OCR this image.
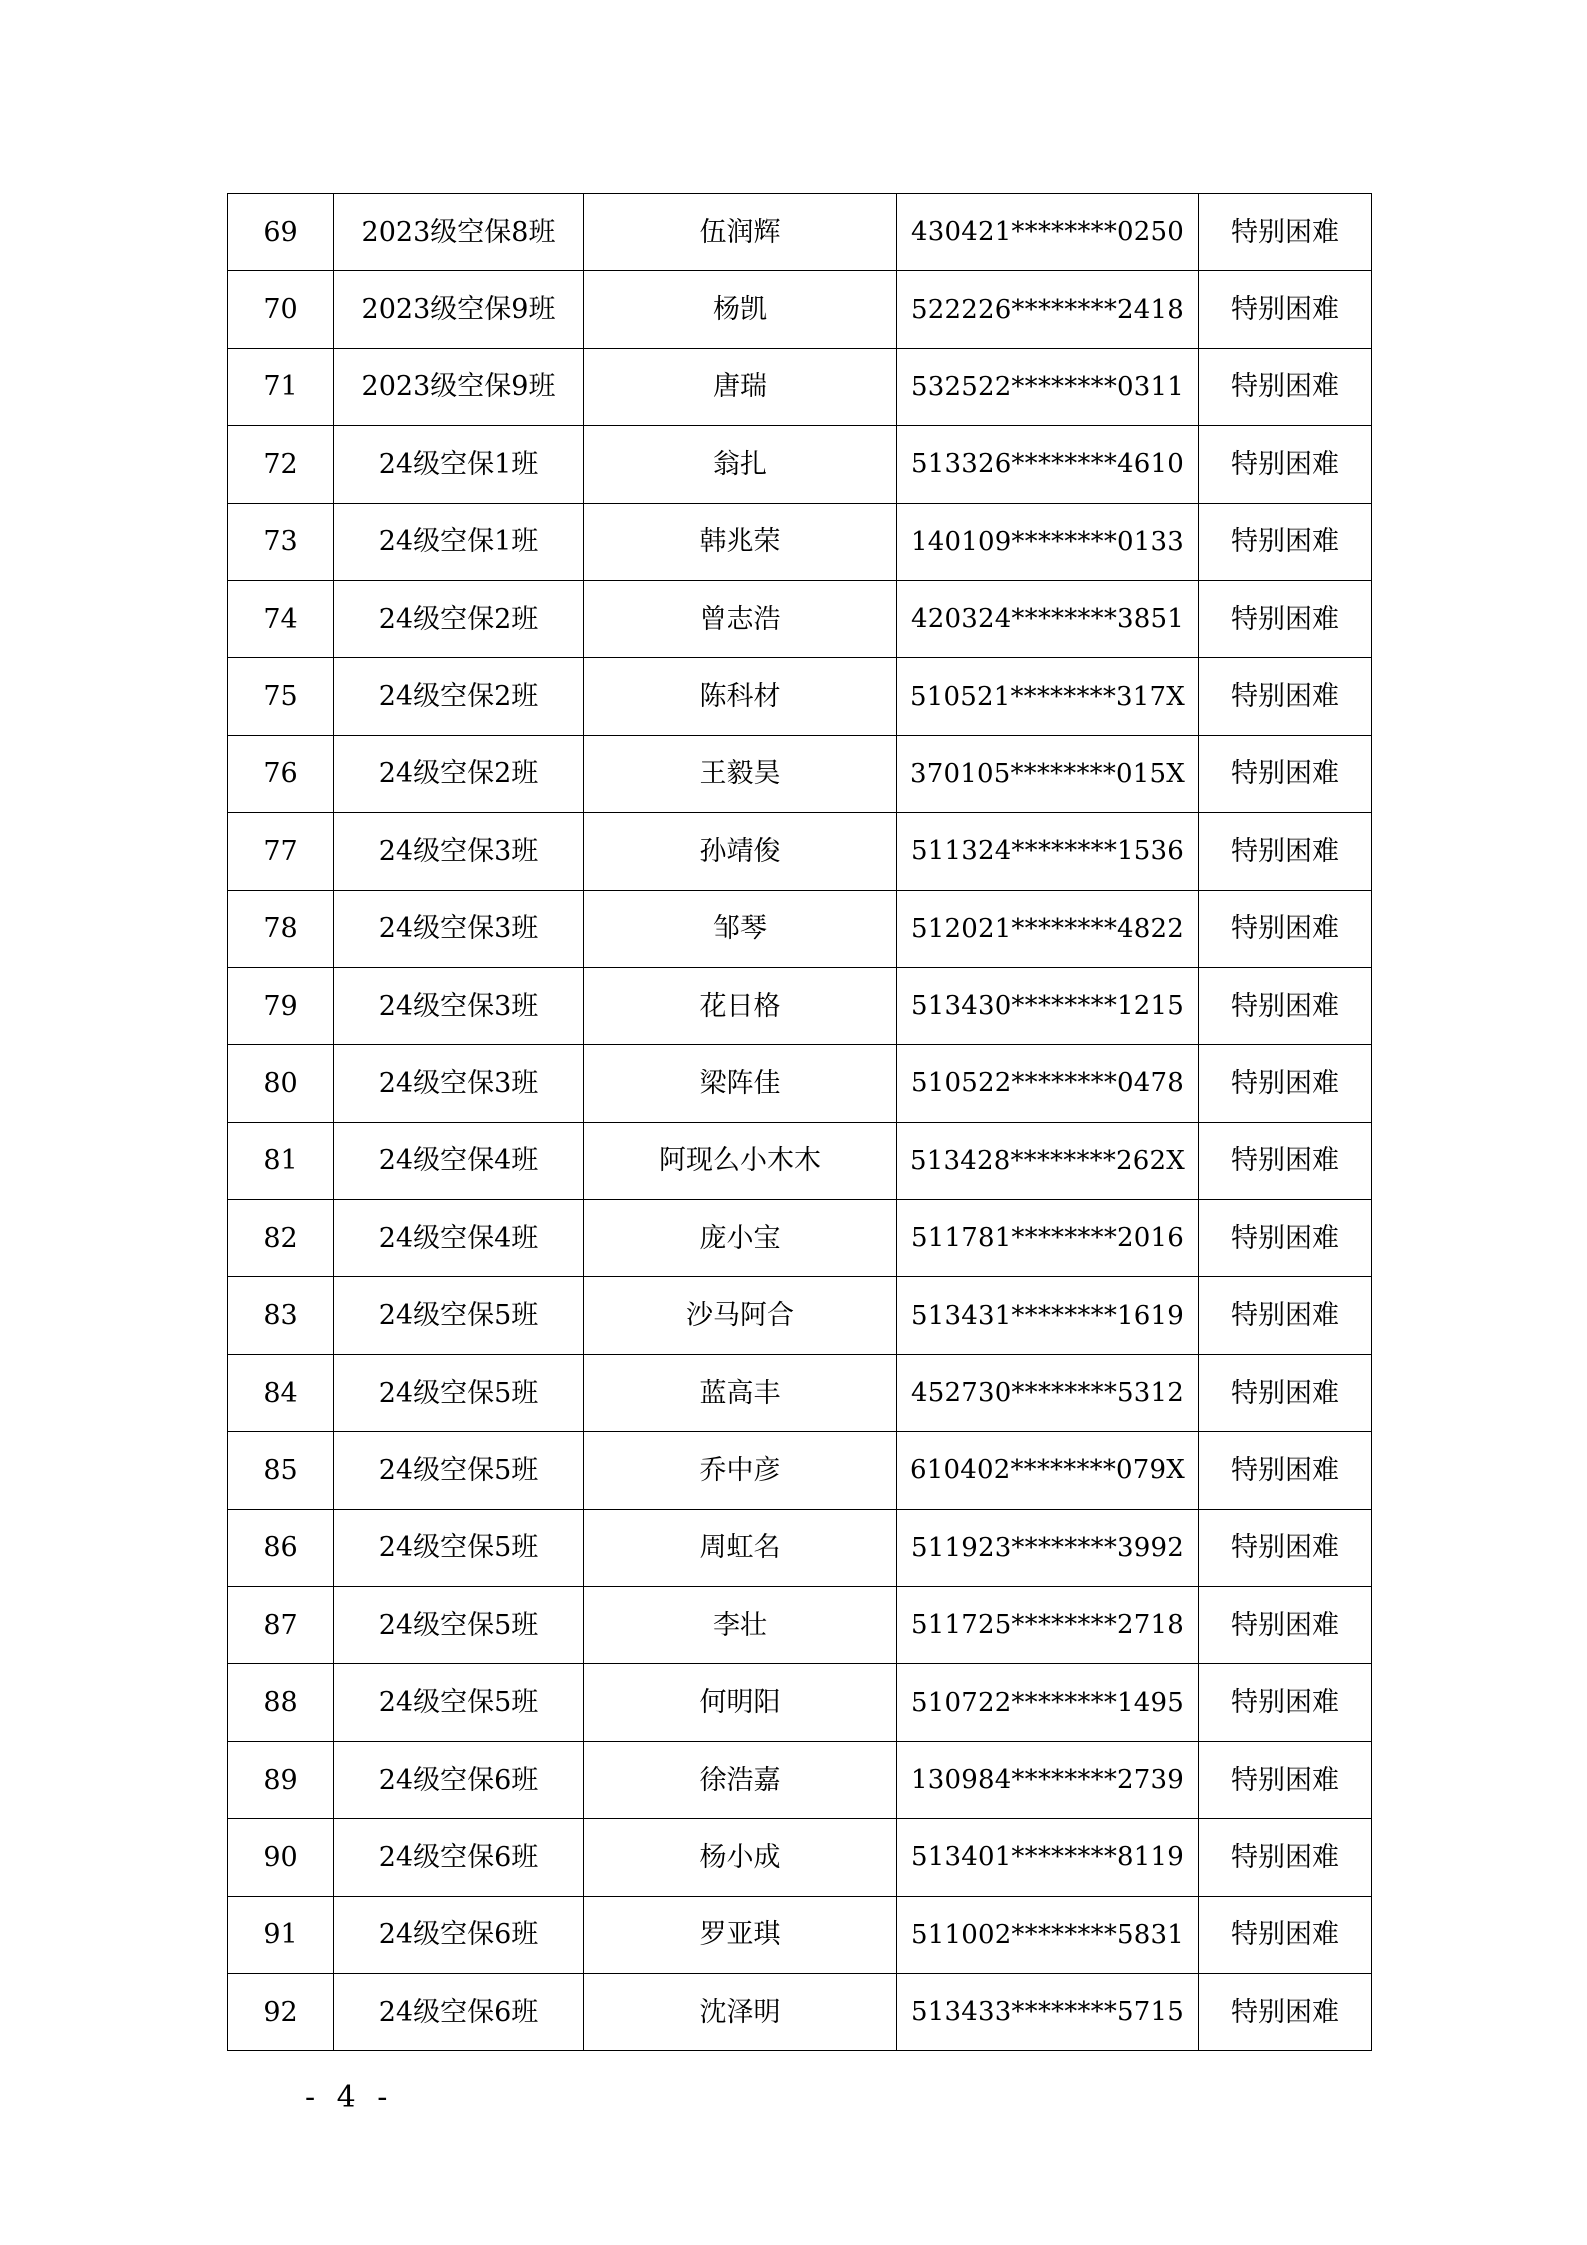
69	2023级空保8班	伍润辉	430421********0250	特别困难
70	2023级空保9班	杨凯	522226********2418	特别困难
71	2023级空保9班	唐瑞	532522********0311	特别困难
72	24级空保1班	翁扎	513326********4610	特别困难
73	24级空保1班	韩兆荣	140109********0133	特别困难
74	24级空保2班	曾志浩	420324********3851	特别困难
75	24级空保2班	陈科材	510521********317X	特别困难
76	24级空保2班	王毅昊	370105********015X	特别困难
77	24级空保3班	孙靖俊	511324********1536	特别困难
78	24级空保3班	邹琴	512021********4822	特别困难
79	24级空保3班	花日格	513430********1215	特别困难
80	24级空保3班	梁阵佳	510522********0478	特别困难
81	24级空保4班	阿现么小木木	513428********262X	特别困难
82	24级空保4班	庞小宝	511781********2016	特别困难
83	24级空保5班	沙马阿合	513431********1619	特别困难
84	24级空保5班	蓝高丰	452730********5312	特别困难
85	24级空保5班	乔中彦	610402********079X	特别困难
86	24级空保5班	周虹名	511923********3992	特别困难
87	24级空保5班	李壮	511725********2718	特别困难
88	24级空保5班	何明阳	510722********1495	特别困难
89	24级空保6班	徐浩嘉	130984********2739	特别困难
90	24级空保6班	杨小成	513401********8119	特别困难
91	24级空保6班	罗亚琪	511002********5831	特别困难
92	24级空保6班	沈泽明	513433********5715	特别困难
- 4 -
